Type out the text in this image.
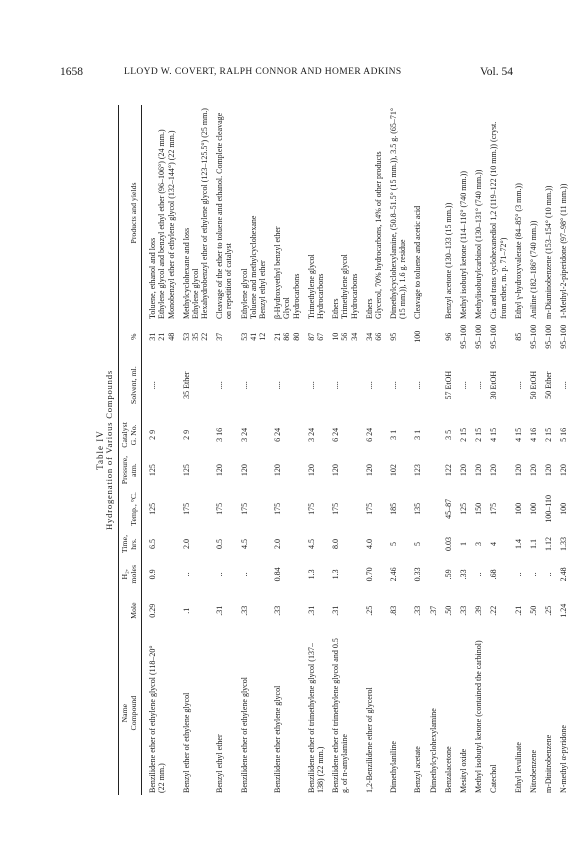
1658	LLOYD W. COVERT, RALPH CONNOR AND HOMER ADKINS	Vol. 54
Table IV Hydrogenation of Various Compounds
Name
Compound	Mole	H₂, moles	Time, hrs.	Temp., °C.	Pressure, atm.	Catalyst G. No.	Solvent, ml.	%	Products and yields
Benzilidene ether of ethylene glycol (118–20° (22 mm.)	0.29	0.9	6.5	125	125	2 9	....	31 21 48	Toluene, ethanol and loss Ethylene glycol and benzyl ethyl ether (96–106°) (24 mm.) Monobenzyl ether of ethylene glycol (132–144°) (22 mm.)

Benzyl ether of ethylene glycol	.1	..	2.0	175	125	2 9	35 Ether	53 35 22	Methylcyclohexane and loss Ethylene glycol Hexahydrobenzyl ether of ethylene glycol (123–125.5°) (25 mm.)

Benzyl ethyl ether	.31	..	0.5	175	120	3 16	....	37	Cleavage of the ether to toluene and ethanol. Complete cleavage on repetition of catalyst

Benzilidene ether of ethylene glycol	.33	..	4.5	175	120	3 24	....	53 41 12	Ethylene glycol Toluene and methylcyclohexane Benzyl ethyl ether

Benzilidene ether ethylene glycol	.33	0.84	2.0	175	120	6 24	....	21 86 80	β-Hydroxyethyl benzyl ether Glycol Hydrocarbons

Benzilidene ether of trimethylene glycol (137–138) (22 mm.)	.31	1.3	4.5	175	120	3 24	....	87 67	Trimethylene glycol Hydrocarbons

Benzilidene ether of trimethylene glycol and 0.5 g. of n-amylamine	.31	1.3	8.0	175	120	6 24	....	10 56 34	Ethers Trimethylene glycol Hydrocarbons

1,2-Benzilidene ether of glycerol	.25	0.70	4.0	175	120	6 24	....	34 66	Ethers Glycerol, 70% hydrocarbons, 14% of other products

Dimethylaniline	.83	2.46	5	185	102	3 1	....	95	Dimethylcyclohexylamine, (50.8–51.5° (15 mm.)), 3.5 g. (65–71° (15 mm.)), 1.6 g. residue

Benzyl acetate	.33	0.33	5	135	123	3 1	....	100	Cleavage to toluene and acetic acid

Dimethylcyclohexylamine	.37								
Benzalacetone	.50	.59	0.03	45–87	122	3 5	57 EtOH	96	Benzyl acetone (130–133 (15 mm.))

Mesityl oxide	.33	.33	1	125	120	2 15	....	95–100	Methyl isobutyl ketone (114–116° (740 mm.))

Methyl isobutyl ketone (contained the carbinol)	.39	..	3	150	120	2 15	....	95–100	Methylisobutylcarbinol (130–131° (740 mm.))

Catechol	.22	.68	4	175	120	4 15	30 EtOH	95–100	Cis and trans cyclohexanediol 1,2 (119–122 (10 mm.)) (cryst. from ether, m. p. 71–72°)

Ethyl levulinate	.21	..	1.4	100	120	4 15	....	85	Ethyl γ-hydroxyvalerate (84–85° (3 mm.))

Nitrobenzene	.50	..	1.1	100	120	4 16	50 EtOH	95–100	Aniline (182–186° (740 mm.))

m-Dinitrobenzene	.25	..	1.12	100–110	120	2 15	50 Ether	95–100	m-Diaminobenzene (153–154° (10 mm.))

N-methyl α-pyridone	1.24	2.48	1.33	100	120	5 16	....	95–100	1-Methyl-2-piperidone (97–98° (11 mm.))
